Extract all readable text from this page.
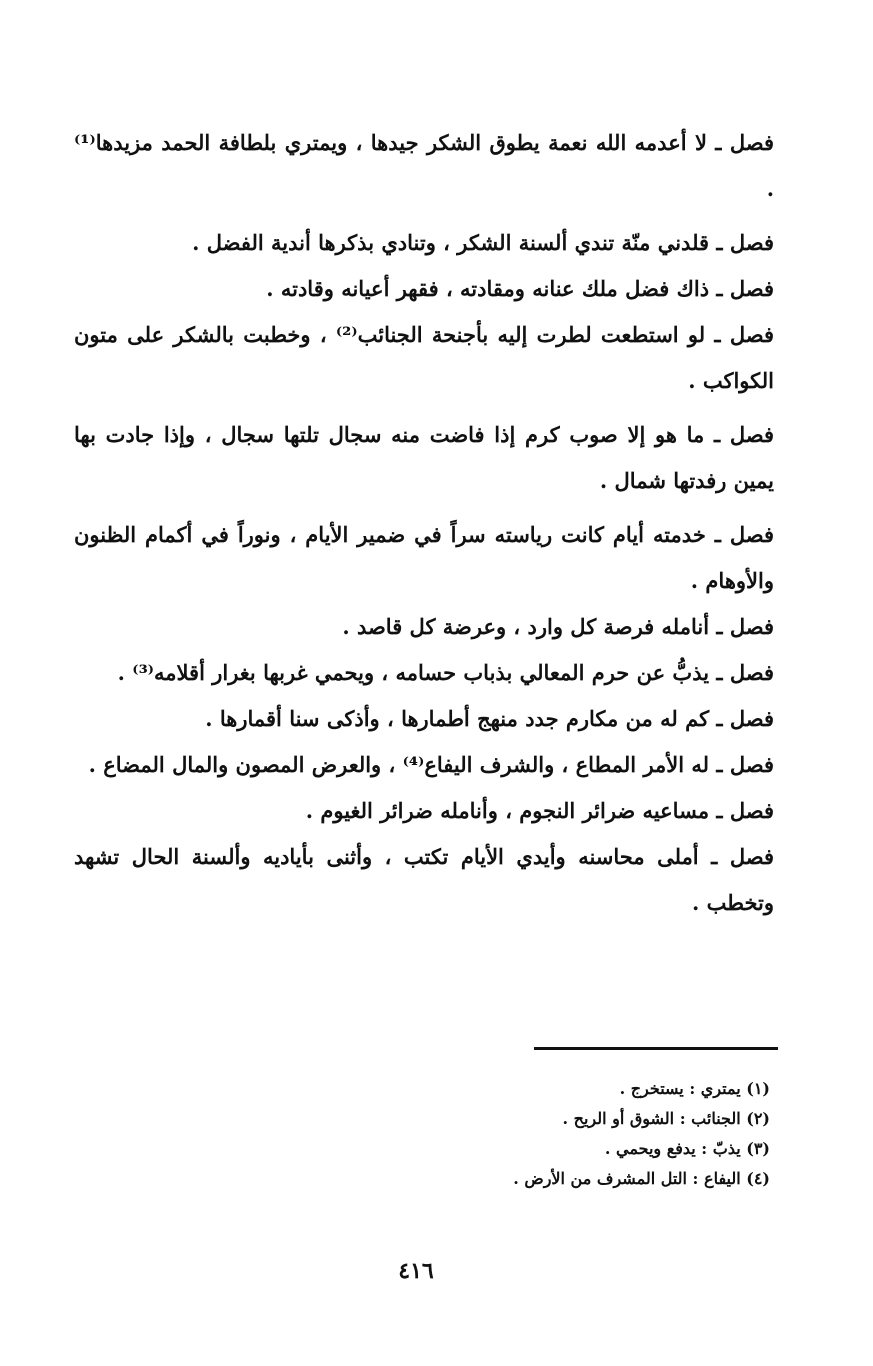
فصل ـ لا أعدمه الله نعمة يطوق الشكر جيدها ، ويمتري بلطافة الحمد مزيدها⁽¹⁾ .

فصل ـ قلدني منّة تندي ألسنة الشكر ، وتنادي بذكرها أندية الفضل .

فصل ـ ذاك فضل ملك عنانه ومقادته ، فقهر أعيانه وقادته .

فصل ـ لو استطعت لطرت إليه بأجنحة الجنائب⁽²⁾ ، وخطبت بالشكر على متون الكواكب .

فصل ـ ما هو إلا صوب كرم إذا فاضت منه سجال تلتها سجال ، وإذا جادت بها يمين رفدتها شمال .

فصل ـ خدمته أيام كانت رياسته سراً في ضمير الأيام ، ونوراً في أكمام الظنون والأوهام .

فصل ـ أنامله فرصة كل وارد ، وعرضة كل قاصد .

فصل ـ يذبُّ عن حرم المعالي بذباب حسامه ، ويحمي غربها بغرار أقلامه⁽³⁾ .

فصل ـ كم له من مكارم جدد منهج أطمارها ، وأذكى سنا أقمارها .

فصل ـ له الأمر المطاع ، والشرف اليفاع⁽⁴⁾ ، والعرض المصون والمال المضاع .

فصل ـ مساعيه ضرائر النجوم ، وأنامله ضرائر الغيوم .

فصل ـ أملى محاسنه وأيدي الأيام تكتب ، وأثنى بأياديه وألسنة الحال تشهد وتخطب .

(١) يمتري : يستخرج .

(٢) الجنائب : الشوق أو الريح .

(٣) يذبّ : يدفع ويحمي .

(٤) اليفاع : التل المشرف من الأرض .

٤١٦
